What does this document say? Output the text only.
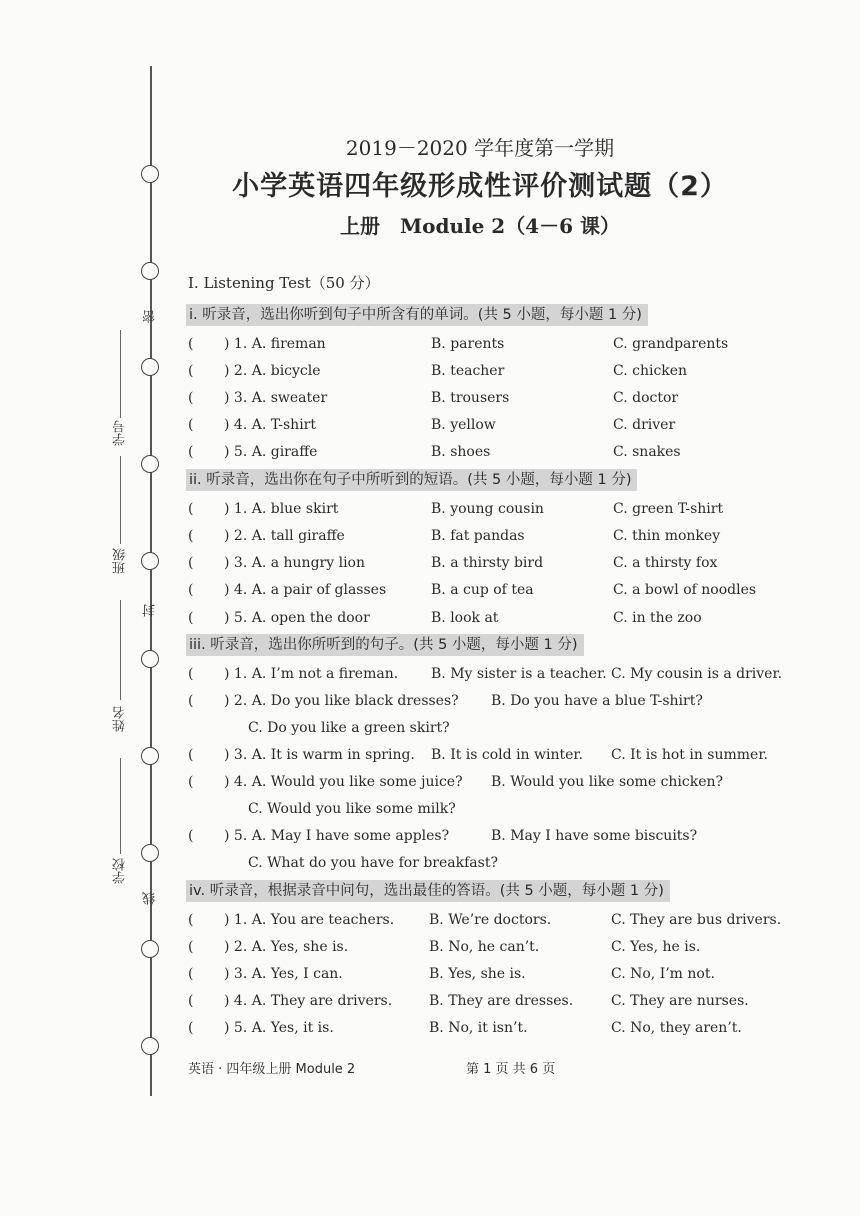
密
封
线
学号
班级
姓名
学校
2019－2020 学年度第一学期
小学英语四年级形成性评价测试题（2）
上册　Module 2（4－6 课）
I. Listening Test（50 分）
i. 听录音，选出你听到句子中所含有的单词。(共 5 小题，每小题 1 分)
( ) 1. A. fireman	B. parents	C. grandparents
( ) 2. A. bicycle	B. teacher	C. chicken
( ) 3. A. sweater	B. trousers	C. doctor
( ) 4. A. T-shirt	B. yellow	C. driver
( ) 5. A. giraffe	B. shoes	C. snakes
ii. 听录音，选出你在句子中所听到的短语。(共 5 小题，每小题 1 分)
( ) 1. A. blue skirt	B. young cousin	C. green T-shirt
( ) 2. A. tall giraffe	B. fat pandas	C. thin monkey
( ) 3. A. a hungry lion	B. a thirsty bird	C. a thirsty fox
( ) 4. A. a pair of glasses	B. a cup of tea	C. a bowl of noodles
( ) 5. A. open the door	B. look at	C. in the zoo
iii. 听录音，选出你所听到的句子。(共 5 小题，每小题 1 分)
( ) 1. A. I’m not a fireman. B. My sister is a teacher. C. My cousin is a driver.
( ) 2. A. Do you like black dresses? B. Do you have a blue T-shirt?
C. Do you like a green skirt?
( ) 3. A. It is warm in spring. B. It is cold in winter. C. It is hot in summer.
( ) 4. A. Would you like some juice? B. Would you like some chicken?
C. Would you like some milk?
( ) 5. A. May I have some apples?	B. May I have some biscuits?
C. What do you have for breakfast?
iv. 听录音，根据录音中问句，选出最佳的答语。(共 5 小题，每小题 1 分)
( ) 1. A. You are teachers. B. We’re doctors.	C. They are bus drivers.
( ) 2. A. Yes, she is.	B. No, he can’t.	C. Yes, he is.
( ) 3. A. Yes, I can.	B. Yes, she is.	C. No, I’m not.
( ) 4. A. They are drivers.	B. They are dresses.	C. They are nurses.
( ) 5. A. Yes, it is.	B. No, it isn’t.	C. No, they aren’t.
英语 · 四年级上册 Module 2	第 1 页 共 6 页
